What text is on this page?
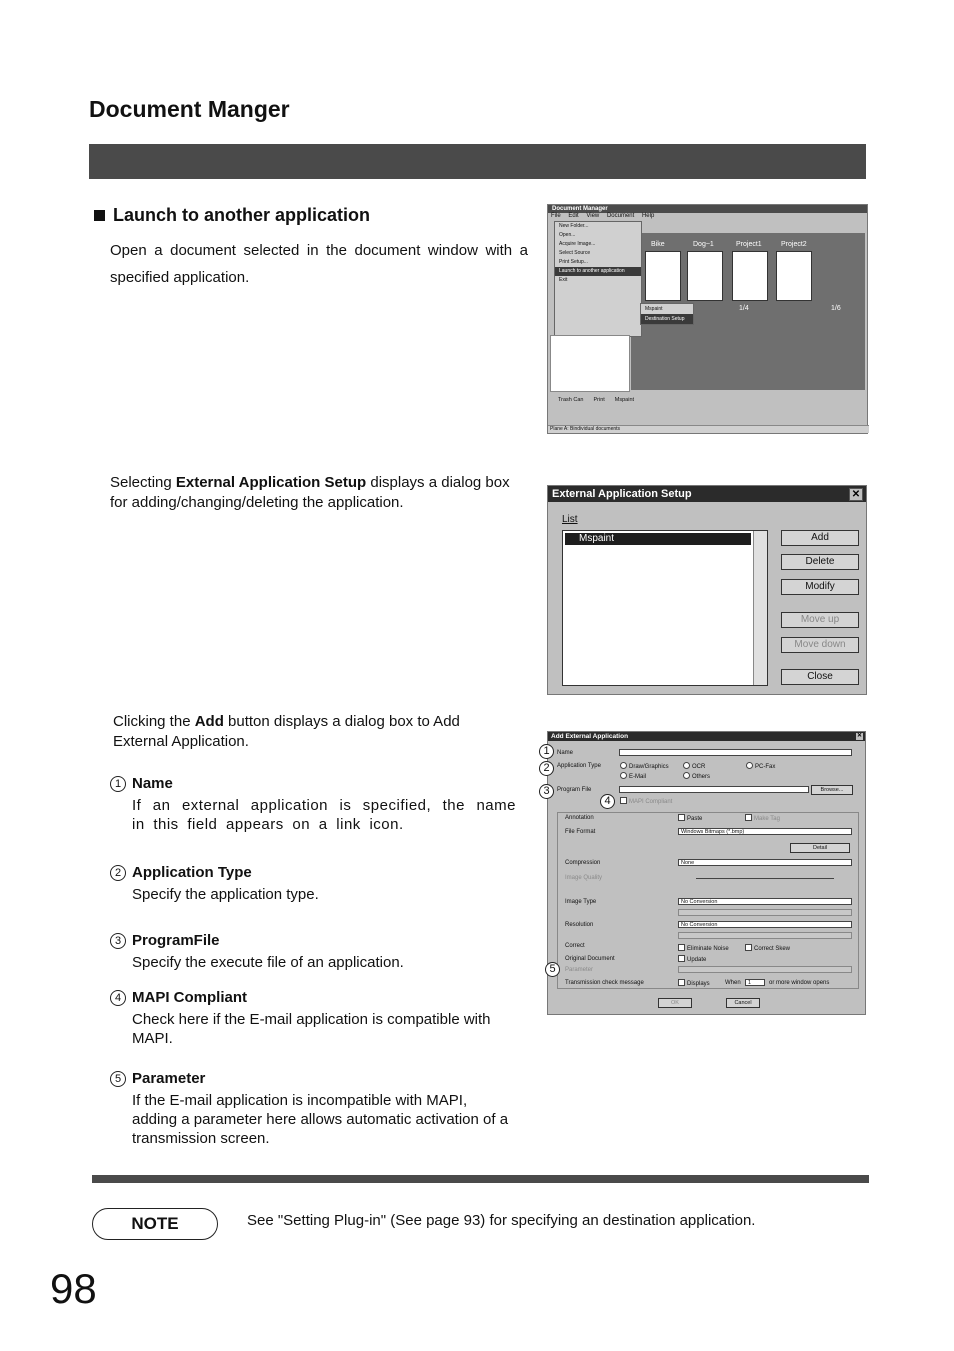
Document Manger
Launch to another application
Open a document selected in the document window with a specified application.
Selecting External Application Setup displays a dialog box for adding/changing/deleting the application.
Clicking the Add button displays a dialog box to Add External Application.
1 Name
If an external application is specified, the name in this field appears on a link icon.
2 Application Type
Specify the application type.
3 ProgramFile
Specify the execute file of an application.
4 MAPI Compliant
Check here if the E-mail application is compatible with MAPI.
5 Parameter
If the E-mail application is incompatible with MAPI, adding a parameter here allows automatic activation of a transmission screen.
Document Manager
File Edit View Document Help
Bike	Dog~1	Project1	Project2
1/4	1/6
New Folder...
Open...
Acquire Image...
Select Source
Print Setup...
Launch to another application
Exit
Mspaint
Destination Setup
Trash Can Print Mspaint
Plane A: Bindividual documents
External Application Setup	✕
List
Mspaint	Add
Delete
Modify
Move up
Move down
Close
Add External Application	✕
Name
Application Type	Draw/Graphics	OCR	PC-Fax
E-Mail	Others
Program File	Browse...
MAPI Compliant
Annotation	Paste	Make Tag
File Format	Windows Bitmaps (*.bmp)
Detail
Compression	None
Image Quality
Image Type	No Conversion
Resolution	No Conversion
Correct	Eliminate Noise	Correct Skew
Original Document	Update
Parameter
Transmission check message	Displays	When	1	or more window opens
OK	Cancel
1
2
3
4
5
NOTE	See "Setting Plug-in" (See page 93) for specifying an destination application.
98
